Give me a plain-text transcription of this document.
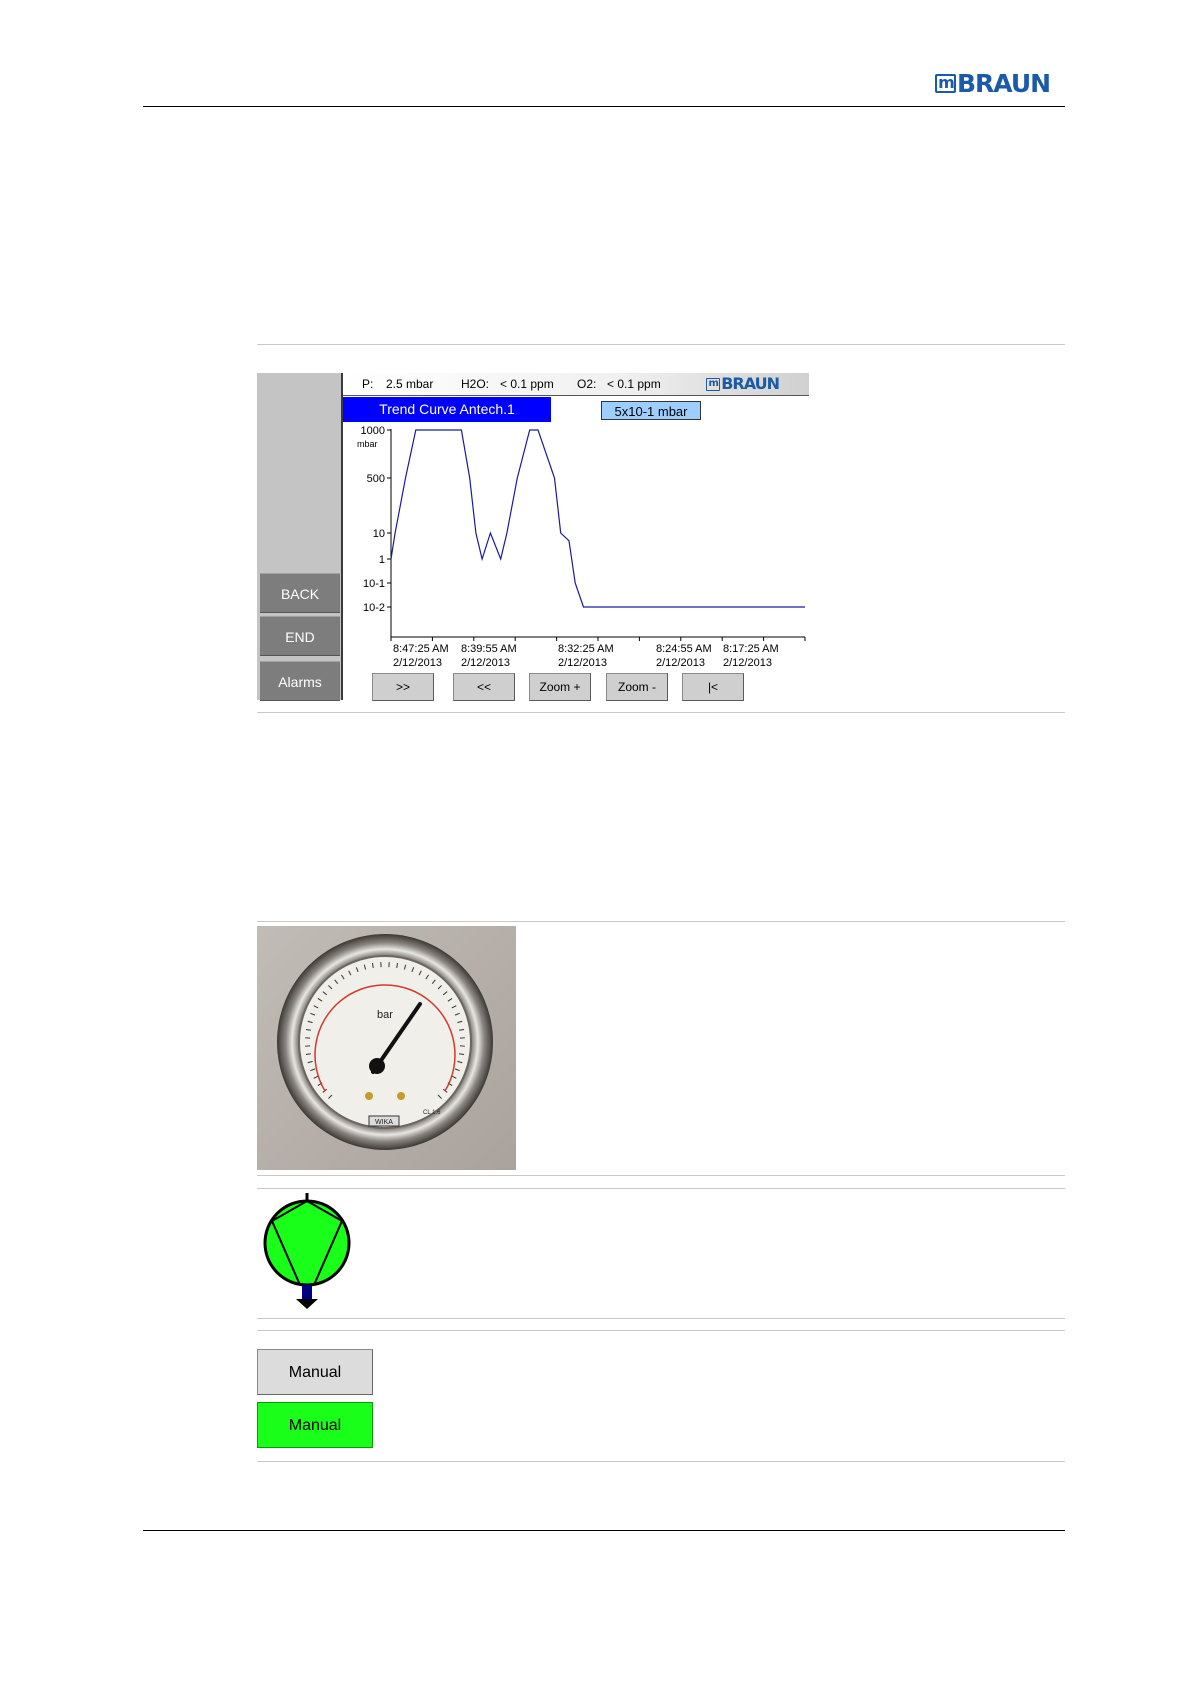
m BRAUN
BACK
END
Alarms
P: 2.5 mbar H2O: < 0.1 ppm O2: < 0.1 ppm	m BRAUN
Trend Curve Antech.1	5x10-1 mbar
mbar
1000
500
10
1
10-1
10-2
8:47:25 AM
2/12/2013
8:39:55 AM
2/12/2013
8:32:25 AM
2/12/2013
8:24:55 AM
2/12/2013
8:17:25 AM
2/12/2013
>>	<<	Zoom +	Zoom -	|<
bar
WIKA
CL 1.6
Manual
Manual
